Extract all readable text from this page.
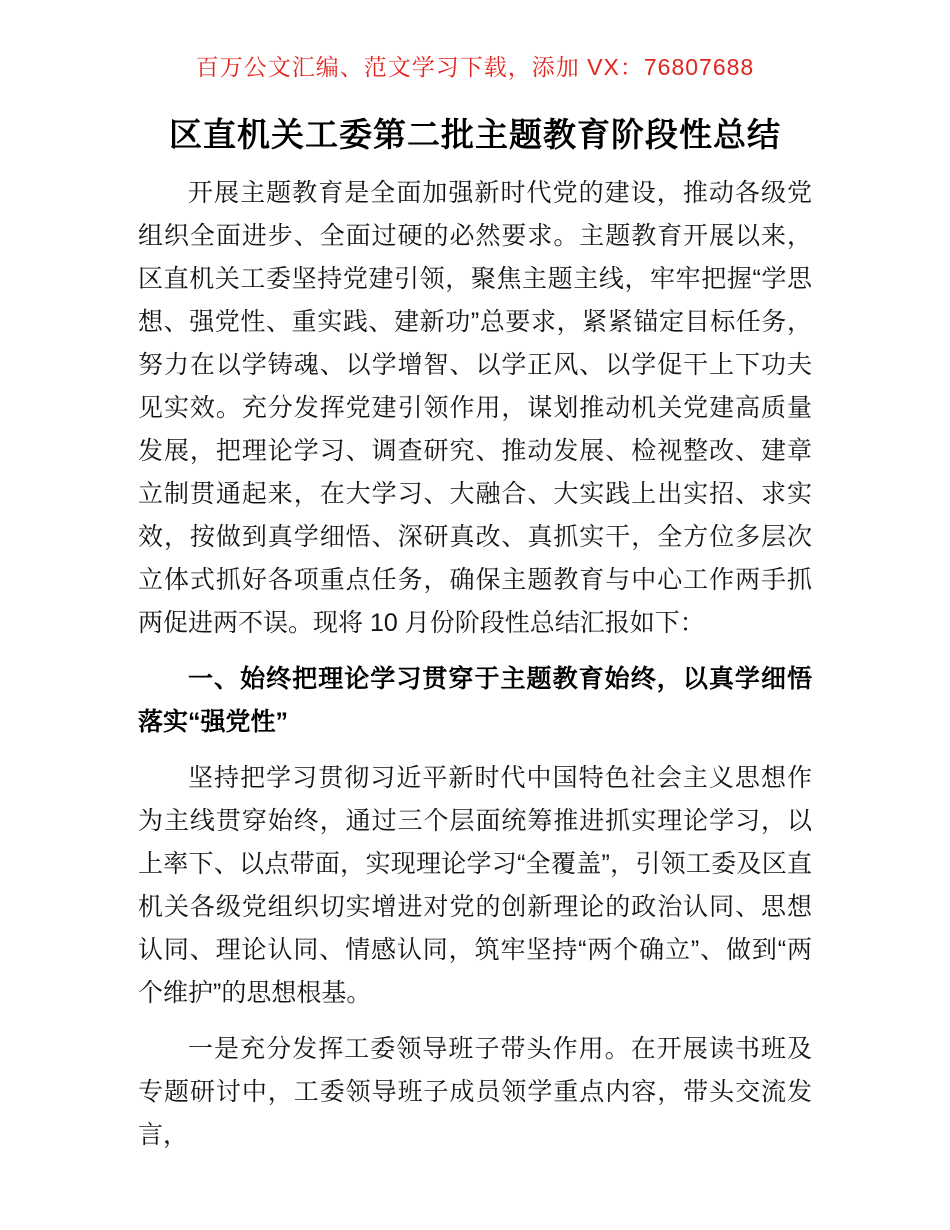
百万公文汇编、范文学习下载，添加 VX：76807688
区直机关工委第二批主题教育阶段性总结

开展主题教育是全面加强新时代党的建设，推动各级党组织全面进步、全面过硬的必然要求。主题教育开展以来，区直机关工委坚持党建引领，聚焦主题主线，牢牢把握“学思想、强党性、重实践、建新功”总要求，紧紧锚定目标任务，努力在以学铸魂、以学增智、以学正风、以学促干上下功夫见实效。充分发挥党建引领作用，谋划推动机关党建高质量发展，把理论学习、调查研究、推动发展、检视整改、建章立制贯通起来，在大学习、大融合、大实践上出实招、求实效，按做到真学细悟、深研真改、真抓实干，全方位多层次立体式抓好各项重点任务，确保主题教育与中心工作两手抓两促进两不误。现将 10 月份阶段性总结汇报如下：

一、始终把理论学习贯穿于主题教育始终，以真学细悟落实“强党性”

坚持把学习贯彻习近平新时代中国特色社会主义思想作为主线贯穿始终，通过三个层面统筹推进抓实理论学习，以上率下、以点带面，实现理论学习“全覆盖”，引领工委及区直机关各级党组织切实增进对党的创新理论的政治认同、思想认同、理论认同、情感认同，筑牢坚持“两个确立”、做到“两个维护”的思想根基。

一是充分发挥工委领导班子带头作用。在开展读书班及专题研讨中，工委领导班子成员领学重点内容，带头交流发言，
